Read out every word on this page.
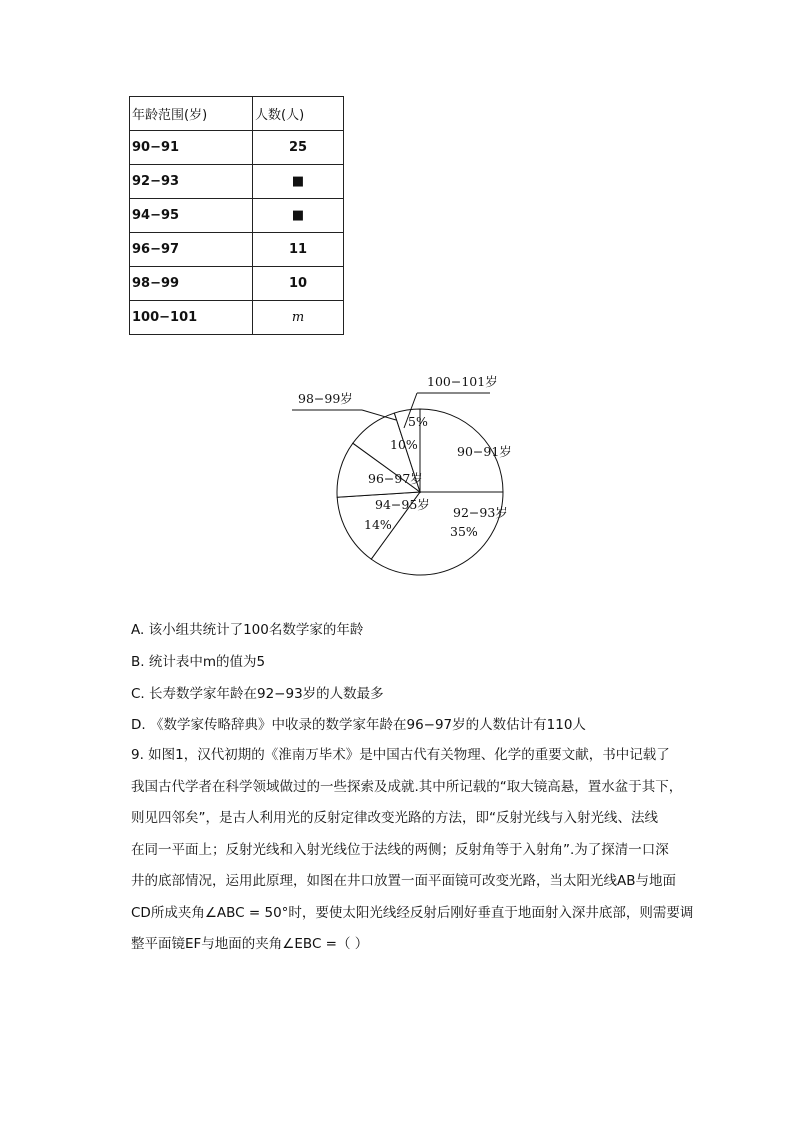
年龄范围(岁)	人数(人)
90−91	25
92−93	■
94−95	■
96−97	11
98−99	10
100−101	m
90−91岁
92−93岁
35%
94−95岁
14%
96−97岁
98−99岁
10%
100−101岁
5%
A. 该小组共统计了100名数学家的年龄
B. 统计表中m的值为5
C. 长寿数学家年龄在92−93岁的人数最多
D. 《数学家传略辞典》中收录的数学家年龄在96−97岁的人数估计有110人
9. 如图1，汉代初期的《淮南万毕术》是中国古代有关物理、化学的重要文献，书中记载了
我国古代学者在科学领域做过的一些探索及成就.其中所记载的“取大镜高悬，置水盆于其下，
则见四邻矣”，是古人利用光的反射定律改变光路的方法，即“反射光线与入射光线、法线
在同一平面上；反射光线和入射光线位于法线的两侧；反射角等于入射角”.为了探清一口深
井的底部情况，运用此原理，如图在井口放置一面平面镜可改变光路，当太阳光线AB与地面
CD所成夹角∠ABC = 50°时，要使太阳光线经反射后刚好垂直于地面射入深井底部，则需要调
整平面镜EF与地面的夹角∠EBC =（ ）
